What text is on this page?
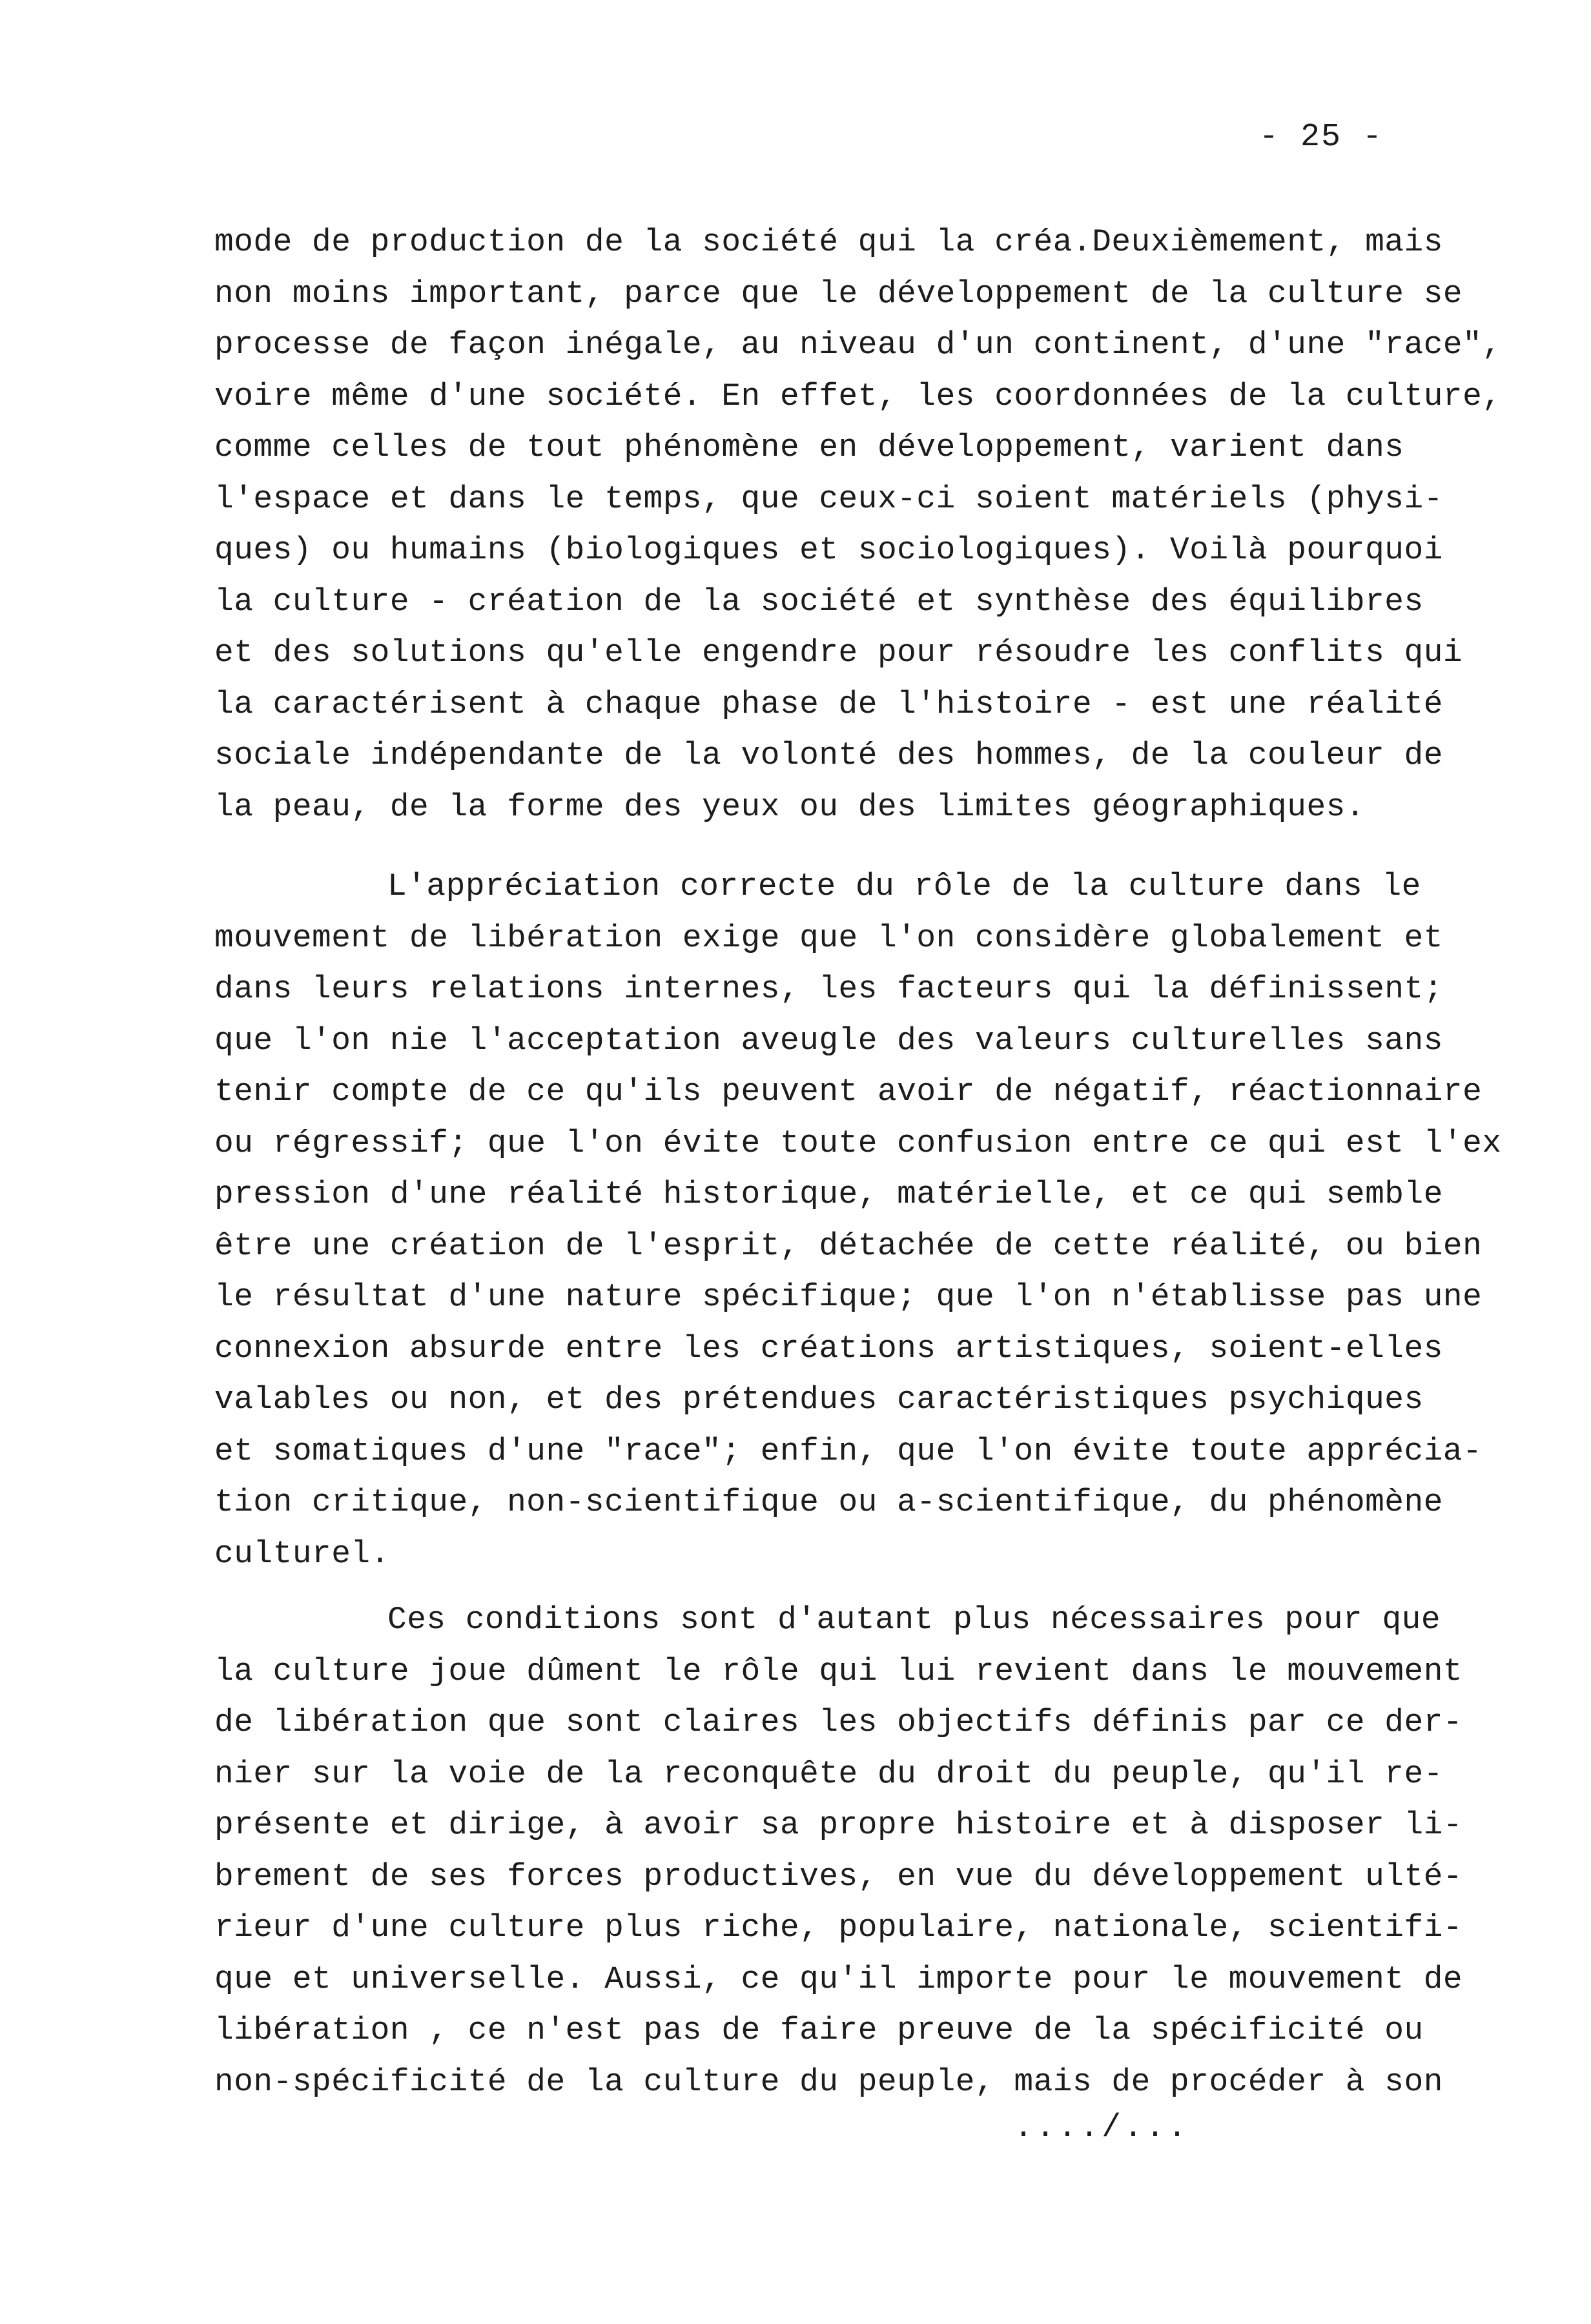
- 25 -
mode de production de la société qui la créa.Deuxièmement, mais
non moins important, parce que le développement de la culture se
processe de façon inégale, au niveau d'un continent, d'une "race",
voire même d'une société. En effet, les coordonnées de la culture,
comme celles de tout phénomène en développement, varient dans
l'espace et dans le temps, que ceux-ci soient matériels (physi-
ques) ou humains (biologiques et sociologiques). Voilà pourquoi
la culture - création de la société et synthèse des équilibres
et des solutions qu'elle engendre pour résoudre les conflits qui
la caractérisent à chaque phase de l'histoire - est une réalité
sociale indépendante de la volonté des hommes, de la couleur de
la peau, de la forme des yeux ou des limites géographiques.
L'appréciation correcte du rôle de la culture dans le
mouvement de libération exige que l'on considère globalement et
dans leurs relations internes, les facteurs qui la définissent;
que l'on nie l'acceptation aveugle des valeurs culturelles sans
tenir compte de ce qu'ils peuvent avoir de négatif, réactionnaire
ou régressif; que l'on évite toute confusion entre ce qui est l'ex
pression d'une réalité historique, matérielle, et ce qui semble
être une création de l'esprit, détachée de cette réalité, ou bien
le résultat d'une nature spécifique; que l'on n'établisse pas une
connexion absurde entre les créations artistiques, soient-elles
valables ou non, et des prétendues caractéristiques psychiques
et somatiques d'une "race"; enfin, que l'on évite toute apprécia-
tion critique, non-scientifique ou a-scientifique, du phénomène
culturel.
Ces conditions sont d'autant plus nécessaires pour que
la culture joue dûment le rôle qui lui revient dans le mouvement
de libération que sont claires les objectifs définis par ce der-
nier sur la voie de la reconquête du droit du peuple, qu'il re-
présente et dirige, à avoir sa propre histoire et à disposer li-
brement de ses forces productives, en vue du développement ulté-
rieur d'une culture plus riche, populaire, nationale, scientifi-
que et universelle. Aussi, ce qu'il importe pour le mouvement de
libération , ce n'est pas de faire preuve de la spécificité ou
non-spécificité de la culture du peuple, mais de procéder à son
..../...
